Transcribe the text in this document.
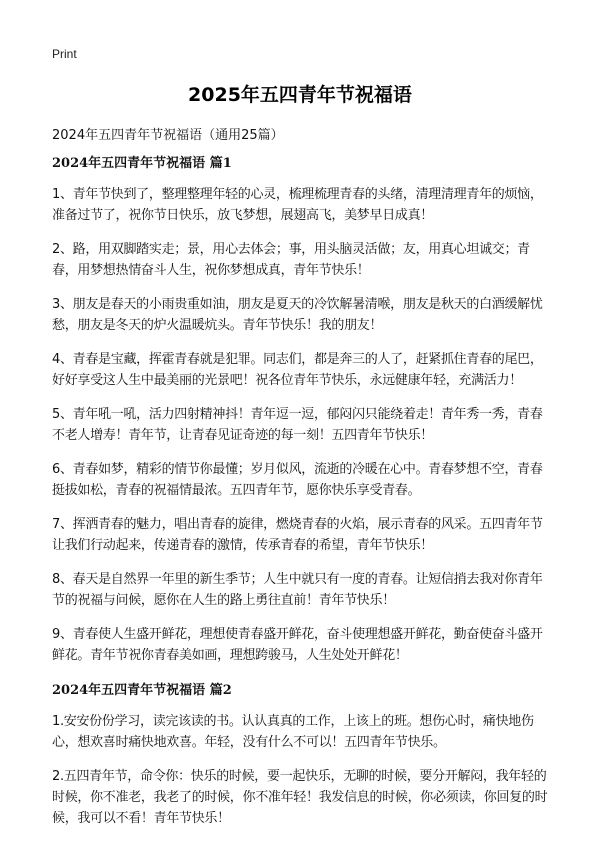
Print
2025年五四青年节祝福语
2024年五四青年节祝福语（通用25篇）
2024年五四青年节祝福语 篇1

1、青年节快到了，整理整理年轻的心灵，梳理梳理青春的头绪，清理清理青年的烦恼，准备过节了，祝你节日快乐，放飞梦想，展翅高飞，美梦早日成真！

2、路，用双脚踏实走；景，用心去体会；事，用头脑灵活做；友，用真心坦诚交；青春，用梦想热情奋斗人生，祝你梦想成真，青年节快乐！

3、朋友是春天的小雨贵重如油，朋友是夏天的冷饮解暑清喉，朋友是秋天的白酒缓解忧愁，朋友是冬天的炉火温暖炕头。青年节快乐！我的朋友！

4、青春是宝藏，挥霍青春就是犯罪。同志们，都是奔三的人了，赶紧抓住青春的尾巴，好好享受这人生中最美丽的光景吧！祝各位青年节快乐，永远健康年轻，充满活力！

5、青年吼一吼，活力四射精神抖！青年逗一逗，郁闷闪只能绕着走！青年秀一秀，青春不老人增寿！青年节，让青春见证奇迹的每一刻！五四青年节快乐！

6、青春如梦，精彩的情节你最懂；岁月似风，流逝的冷暖在心中。青春梦想不空，青春挺拔如松，青春的祝福情最浓。五四青年节，愿你快乐享受青春。

7、挥洒青春的魅力，唱出青春的旋律，燃烧青春的火焰，展示青春的风采。五四青年节让我们行动起来，传递青春的激情，传承青春的希望，青年节快乐！

8、春天是自然界一年里的新生季节；人生中就只有一度的青春。让短信捎去我对你青年节的祝福与问候，愿你在人生的路上勇往直前！青年节快乐！

9、青春使人生盛开鲜花，理想使青春盛开鲜花，奋斗使理想盛开鲜花，勤奋使奋斗盛开鲜花。青年节祝你青春美如画，理想跨骏马，人生处处开鲜花！

2024年五四青年节祝福语 篇2

1.安安份份学习，读完该读的书。认认真真的工作，上该上的班。想伤心时，痛快地伤心，想欢喜时痛快地欢喜。年轻，没有什么不可以！五四青年节快乐。

2.五四青年节，命令你：快乐的时候，要一起快乐，无聊的时候，要分开解闷，我年轻的时候，你不准老，我老了的时候，你不准年轻！我发信息的时候，你必须读，你回复的时候，我可以不看！青年节快乐！
